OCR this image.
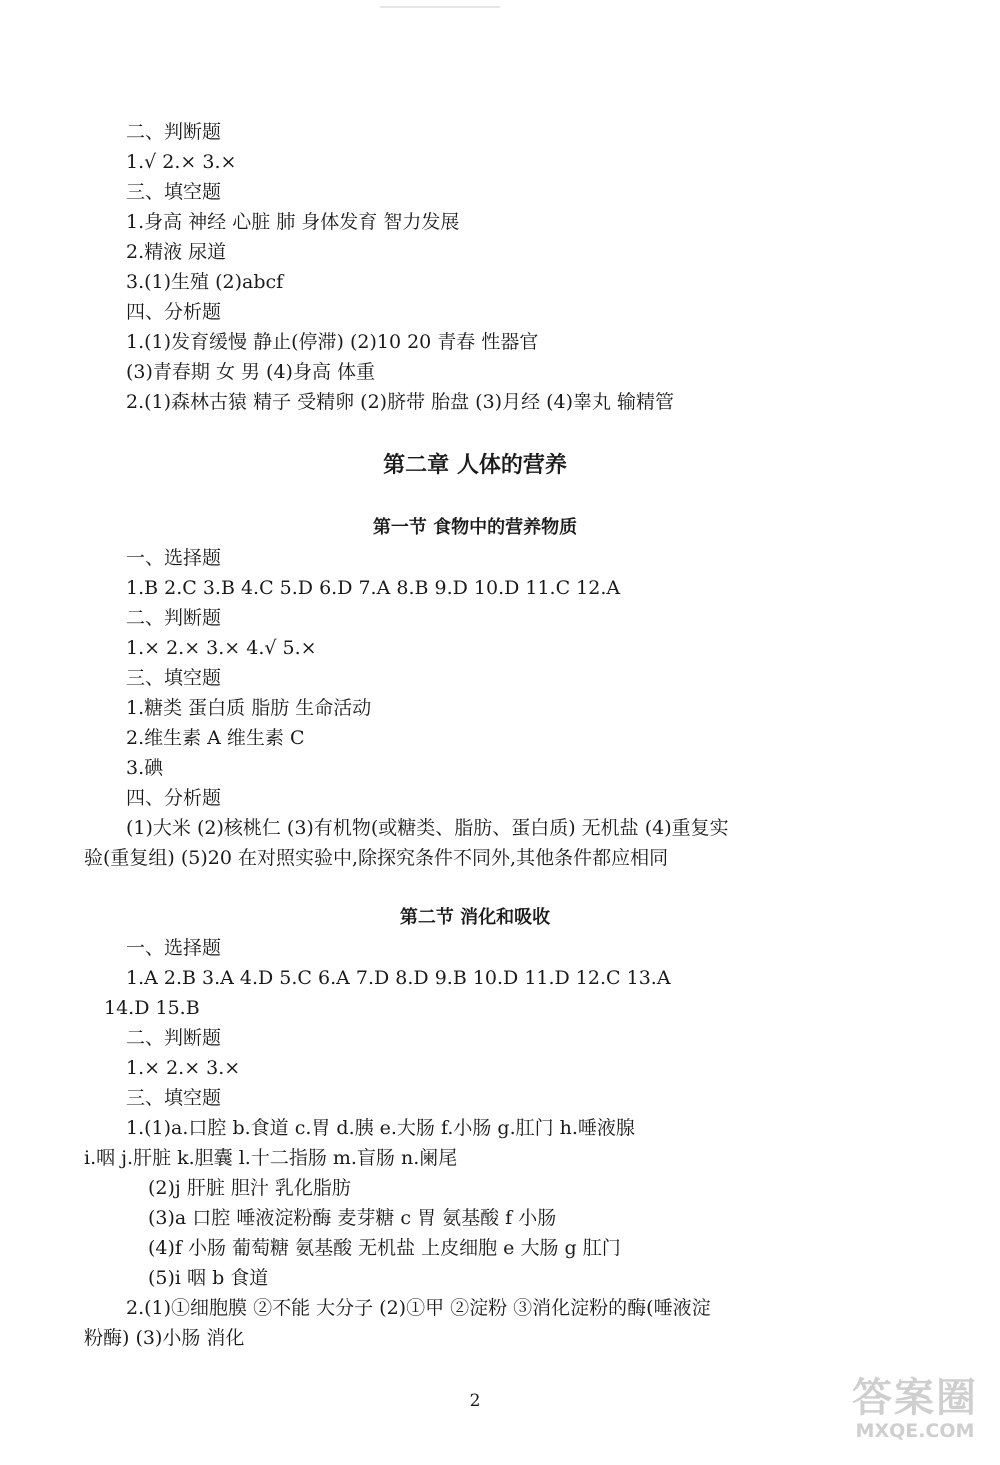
二、判断题
1.√ 2.× 3.×
三、填空题
1.身高 神经 心脏 肺 身体发育 智力发展
2.精液 尿道
3.(1)生殖 (2)abcf
四、分析题
1.(1)发育缓慢 静止(停滞) (2)10 20 青春 性器官
(3)青春期 女 男 (4)身高 体重
2.(1)森林古猿 精子 受精卵 (2)脐带 胎盘 (3)月经 (4)睾丸 输精管
第二章 人体的营养
第一节 食物中的营养物质
一、选择题
1.B 2.C 3.B 4.C 5.D 6.D 7.A 8.B 9.D 10.D 11.C 12.A
二、判断题
1.× 2.× 3.× 4.√ 5.×
三、填空题
1.糖类 蛋白质 脂肪 生命活动
2.维生素 A 维生素 C
3.碘
四、分析题
(1)大米 (2)核桃仁 (3)有机物(或糖类、脂肪、蛋白质) 无机盐 (4)重复实
验(重复组) (5)20 在对照实验中,除探究条件不同外,其他条件都应相同
第二节 消化和吸收
一、选择题
1.A 2.B 3.A 4.D 5.C 6.A 7.D 8.D 9.B 10.D 11.D 12.C 13.A
14.D 15.B
二、判断题
1.× 2.× 3.×
三、填空题
1.(1)a.口腔 b.食道 c.胃 d.胰 e.大肠 f.小肠 g.肛门 h.唾液腺
i.咽 j.肝脏 k.胆囊 l.十二指肠 m.盲肠 n.阑尾
(2)j 肝脏 胆汁 乳化脂肪
(3)a 口腔 唾液淀粉酶 麦芽糖 c 胃 氨基酸 f 小肠
(4)f 小肠 葡萄糖 氨基酸 无机盐 上皮细胞 e 大肠 g 肛门
(5)i 咽 b 食道
2.(1)①细胞膜 ②不能 大分子 (2)①甲 ②淀粉 ③消化淀粉的酶(唾液淀
粉酶) (3)小肠 消化
2	答案圈
MXQE.COM
